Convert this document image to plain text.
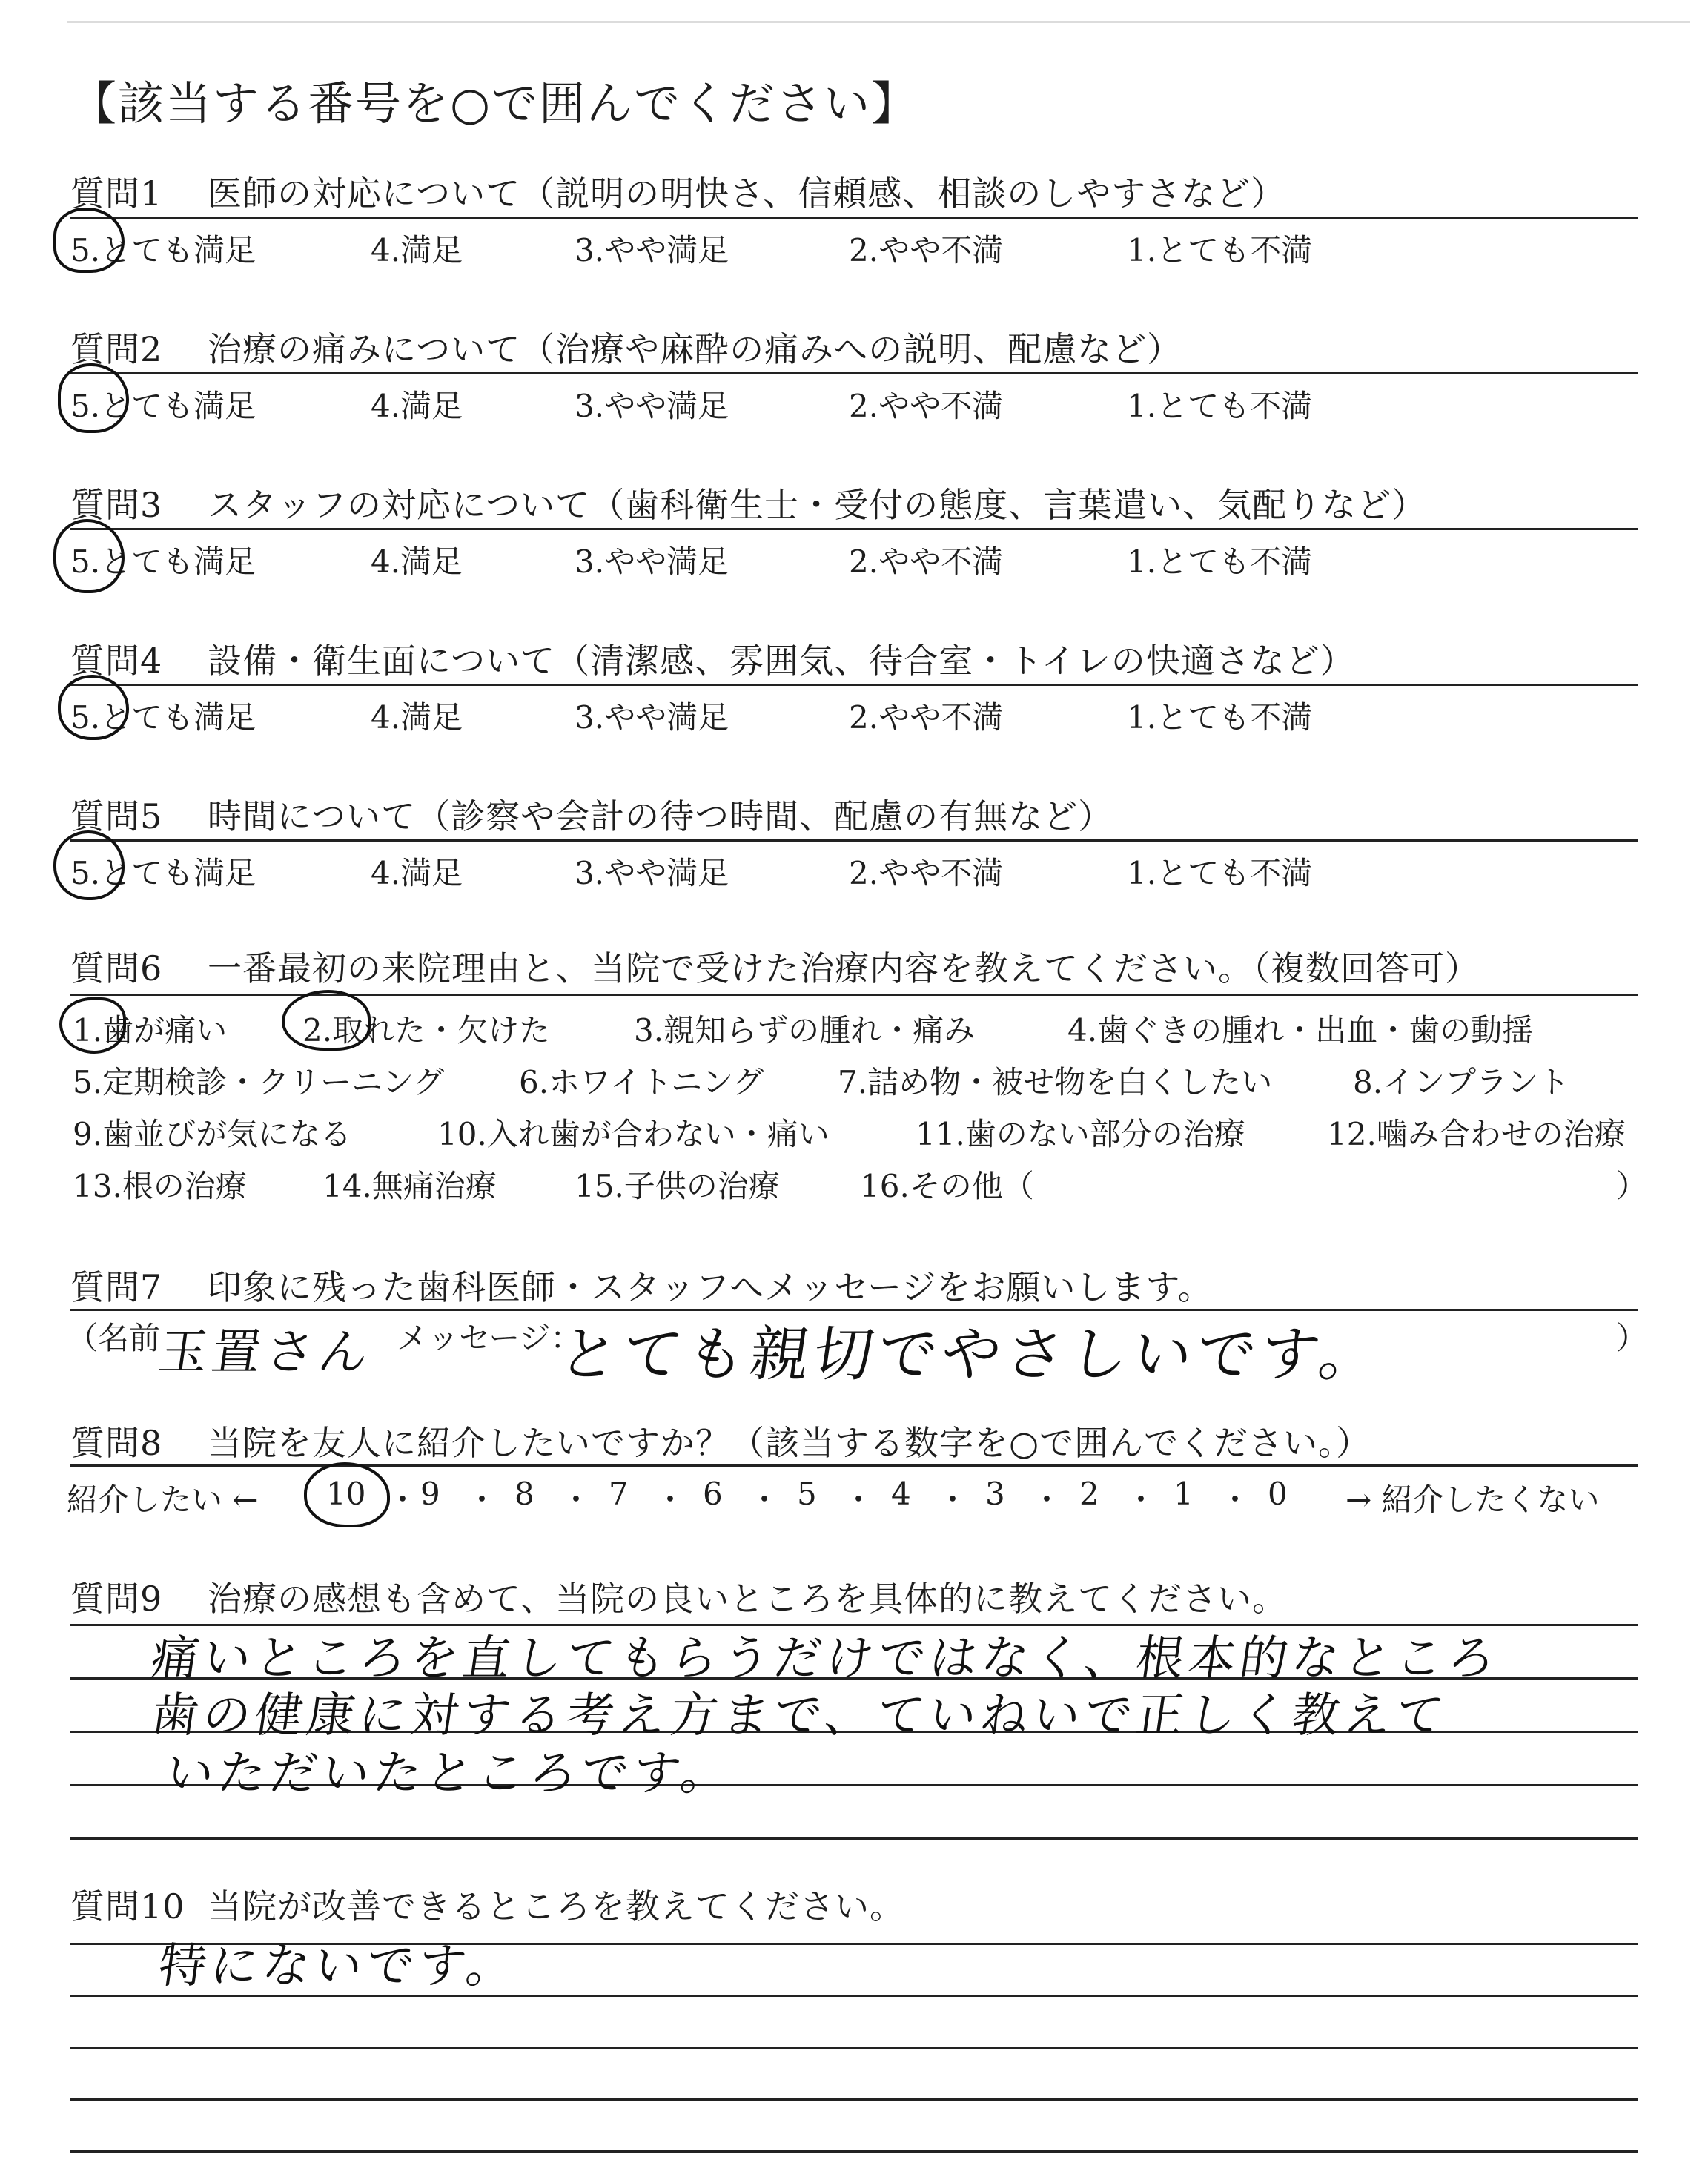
【該当する番号を○で囲んでください】
質問1 医師の対応について（説明の明快さ、信頼感、相談のしやすさなど）
5.とても満足	4.満足	3.やや満足	2.やや不満	1.とても不満
質問2 治療の痛みについて（治療や麻酔の痛みへの説明、配慮など）
5.とても満足	4.満足	3.やや満足	2.やや不満	1.とても不満
質問3 スタッフの対応について（歯科衛生士・受付の態度、言葉遣い、気配りなど）
5.とても満足	4.満足	3.やや満足	2.やや不満	1.とても不満
質問4 設備・衛生面について（清潔感、雰囲気、待合室・トイレの快適さなど）
5.とても満足	4.満足	3.やや満足	2.やや不満	1.とても不満
質問5 時間について（診察や会計の待つ時間、配慮の有無など）
5.とても満足	4.満足	3.やや満足	2.やや不満	1.とても不満
質問6 一番最初の来院理由と、当院で受けた治療内容を教えてください。（複数回答可）
1.歯が痛い 2.取れた・欠けた	3.親知らずの腫れ・痛み	4.歯ぐきの腫れ・出血・歯の動揺
5.定期検診・クリーニング 6.ホワイトニング 7.詰め物・被せ物を白くしたい	8.インプラント
9.歯並びが気になる	10.入れ歯が合わない・痛い	11.歯のない部分の治療	12.噛み合わせの治療
13.根の治療 14.無痛治療	15.子供の治療	16.その他（	）
質問7 印象に残った歯科医師・スタッフへメッセージをお願いします。
（名前
玉置さん メッセージ：
とても親切でやさしいです。	）
質問8 当院を友人に紹介したいですか？（該当する数字を○で囲んでください。）
紹介したい ← 10 ・ 9 ・ 8 ・ 7 ・ 6 ・ 5 ・ 4 ・ 3 ・ 2 ・ 1 ・ 0 → 紹介したくない
質問9 治療の感想も含めて、当院の良いところを具体的に教えてください。
痛いところを直してもらうだけではなく、根本的なところ
歯の健康に対する考え方まで、ていねいで正しく教えて
いただいたところです。
質問10 当院が改善できるところを教えてください。
特にないです。
